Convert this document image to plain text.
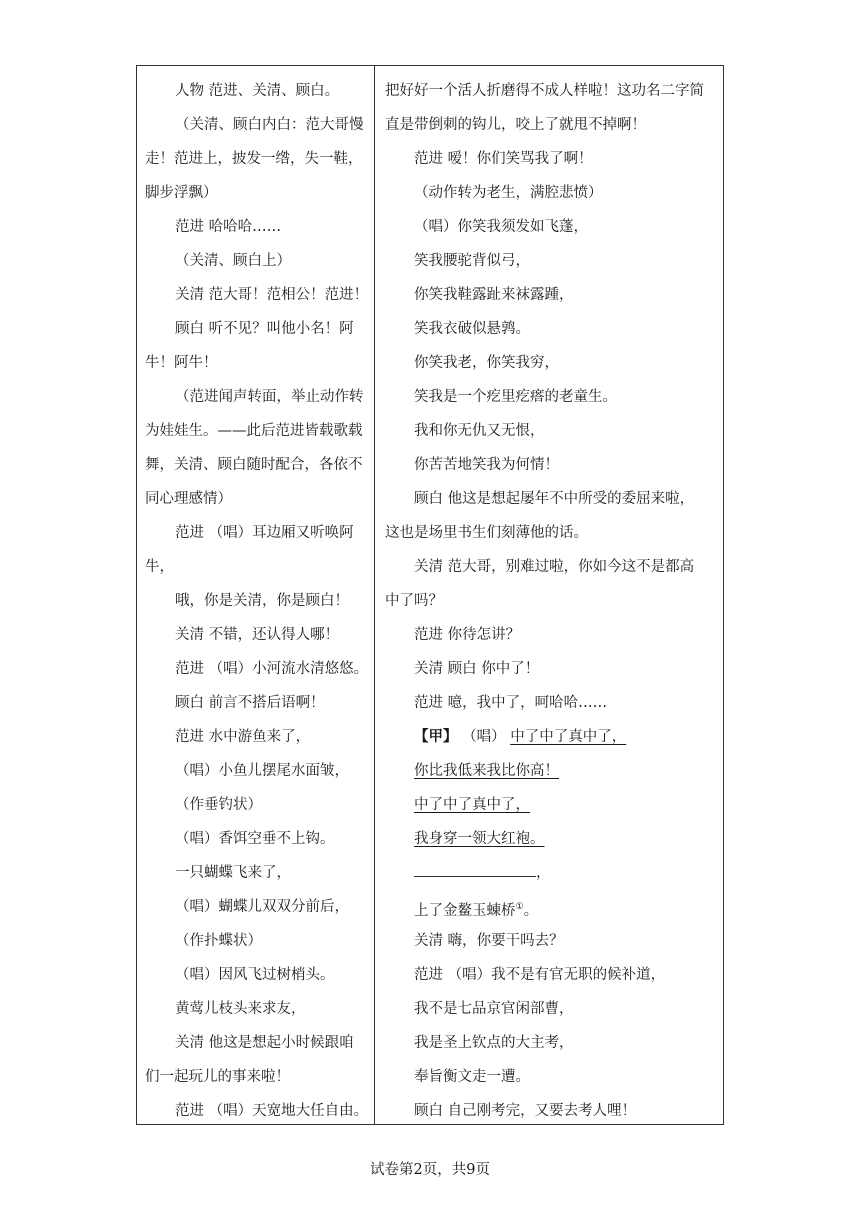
人物 范进、关清、顾白。
（关清、顾白内白：范大哥慢
走！范进上，披发一绺，失一鞋，
脚步浮飘）
范进 哈哈哈……
（关清、顾白上）
关清 范大哥！范相公！范进！
顾白 听不见？叫他小名！阿
牛！阿牛！
（范进闻声转面，举止动作转
为娃娃生。——此后范进皆载歌载
舞，关清、顾白随时配合，各依不
同心理感情）
范进 （唱）耳边厢又听唤阿
牛，
哦，你是关清，你是顾白！
关清 不错，还认得人哪！
范进 （唱）小河流水清悠悠。
顾白 前言不搭后语啊！
范进 水中游鱼来了，
（唱）小鱼儿摆尾水面皱，
（作垂钓状）
（唱）香饵空垂不上钩。
一只蝴蝶飞来了，
（唱）蝴蝶儿双双分前后，
（作扑蝶状）
（唱）因风飞过树梢头。
黄莺儿枝头来求友，
关清 他这是想起小时候跟咱
们一起玩儿的事来啦！
范进 （唱）天宽地大任自由。
把好好一个活人折磨得不成人样啦！这功名二字简
直是带倒刺的钩儿，咬上了就甩不掉啊！
范进 嗳！你们笑骂我了啊！
（动作转为老生，满腔悲愤）
（唱）你笑我须发如飞蓬，
笑我腰驼背似弓，
你笑我鞋露趾来袜露踵，
笑我衣破似悬鹑。
你笑我老，你笑我穷，
笑我是一个疙里疙瘩的老童生。
我和你无仇又无恨，
你苦苦地笑我为何情！
顾白 他这是想起屡年不中所受的委屈来啦，
这也是场里书生们刻薄他的话。
关清 范大哥，别难过啦，你如今这不是都高
中了吗？
范进 你待怎讲？
关清 顾白 你中了！
范进 噫，我中了，呵哈哈……
【甲】 （唱） 中了中了真中了，
你比我低来我比你高！
中了中了真中了，
我身穿一领大红袍。
，
上了金鳌玉蝀桥①。
关清 嗨，你要干吗去？
范进 （唱）我不是有官无职的候补道，
我不是七品京官闲部曹，
我是圣上钦点的大主考，
奉旨衡文走一遭。
顾白 自己刚考完，又要去考人哩！
试卷第2页，共9页
